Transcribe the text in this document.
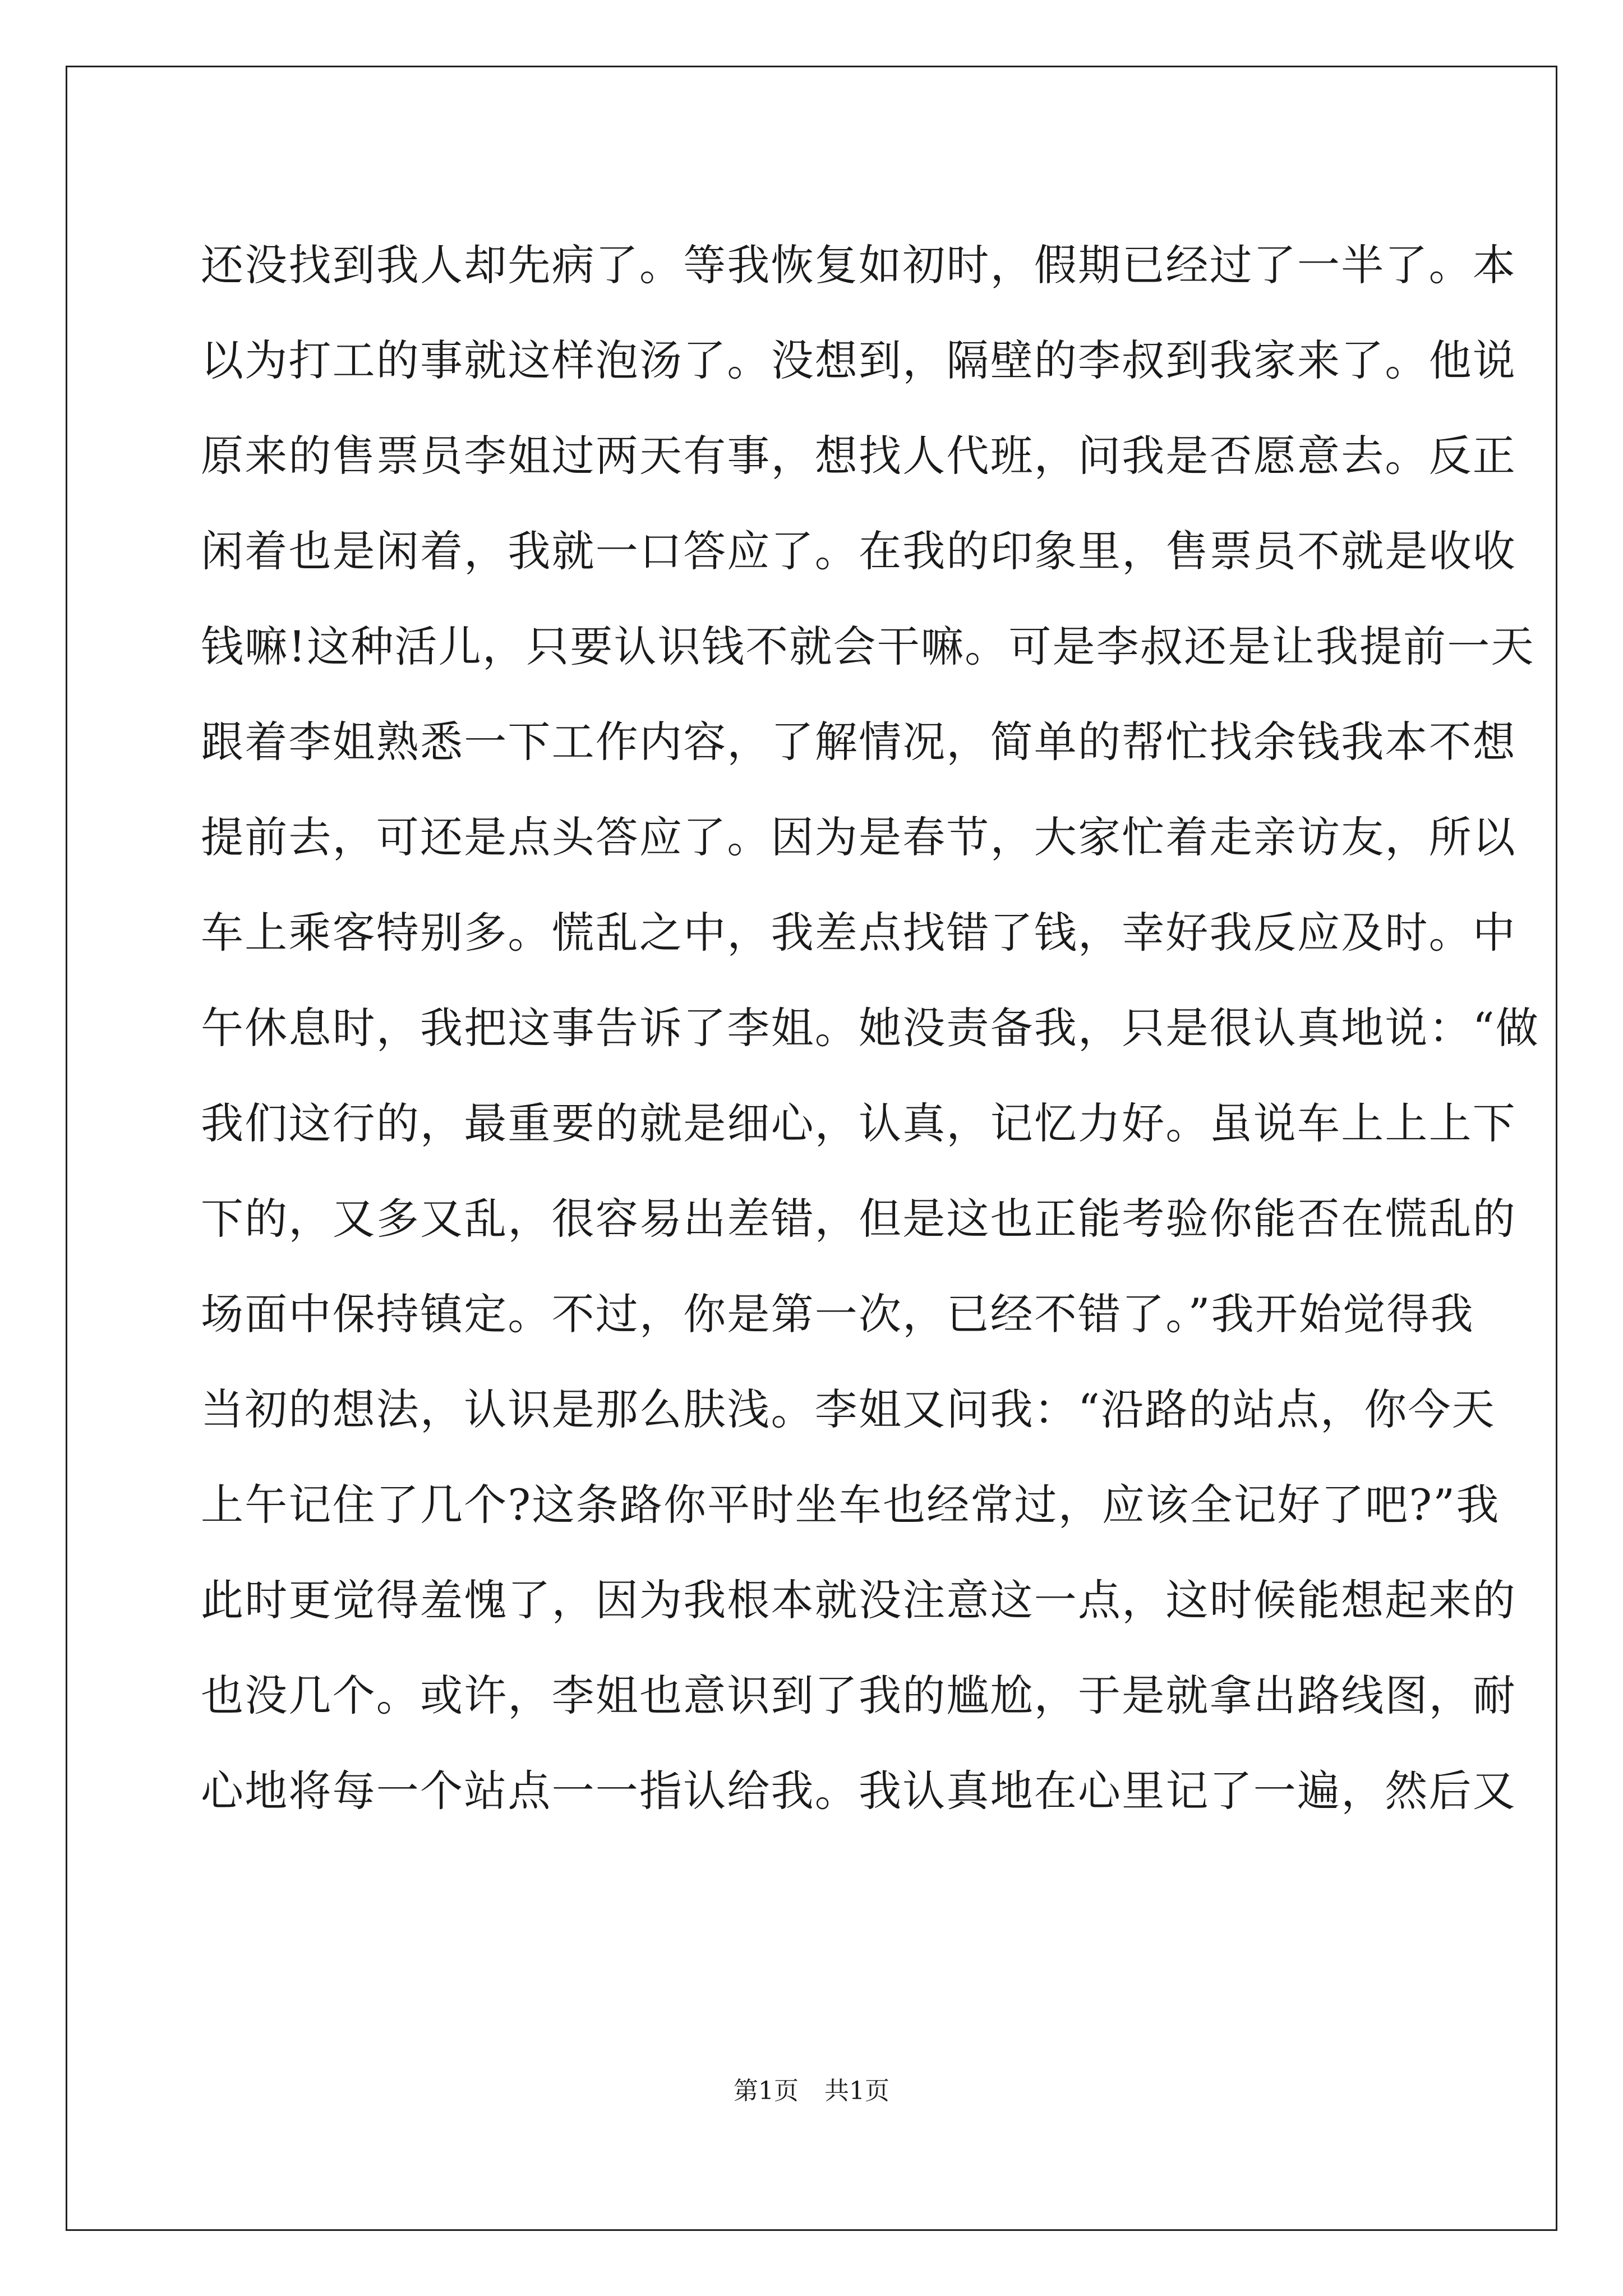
还没找到我人却先病了。等我恢复如初时，假期已经过了一半了。本
以为打工的事就这样泡汤了。没想到，隔壁的李叔到我家来了。他说
原来的售票员李姐过两天有事，想找人代班，问我是否愿意去。反正
闲着也是闲着，我就一口答应了。在我的印象里，售票员不就是收收
钱嘛!这种活儿，只要认识钱不就会干嘛。可是李叔还是让我提前一天
跟着李姐熟悉一下工作内容，了解情况，简单的帮忙找余钱我本不想
提前去，可还是点头答应了。因为是春节，大家忙着走亲访友，所以
车上乘客特别多。慌乱之中，我差点找错了钱，幸好我反应及时。中
午休息时，我把这事告诉了李姐。她没责备我，只是很认真地说：“做
我们这行的，最重要的就是细心，认真，记忆力好。虽说车上上上下
下的，又多又乱，很容易出差错，但是这也正能考验你能否在慌乱的
场面中保持镇定。不过，你是第一次，已经不错了。”我开始觉得我
当初的想法，认识是那么肤浅。李姐又问我：“沿路的站点，你今天
上午记住了几个?这条路你平时坐车也经常过，应该全记好了吧?”我
此时更觉得羞愧了，因为我根本就没注意这一点，这时候能想起来的
也没几个。或许，李姐也意识到了我的尴尬，于是就拿出路线图，耐
心地将每一个站点一一指认给我。我认真地在心里记了一遍，然后又
第1页 共1页
